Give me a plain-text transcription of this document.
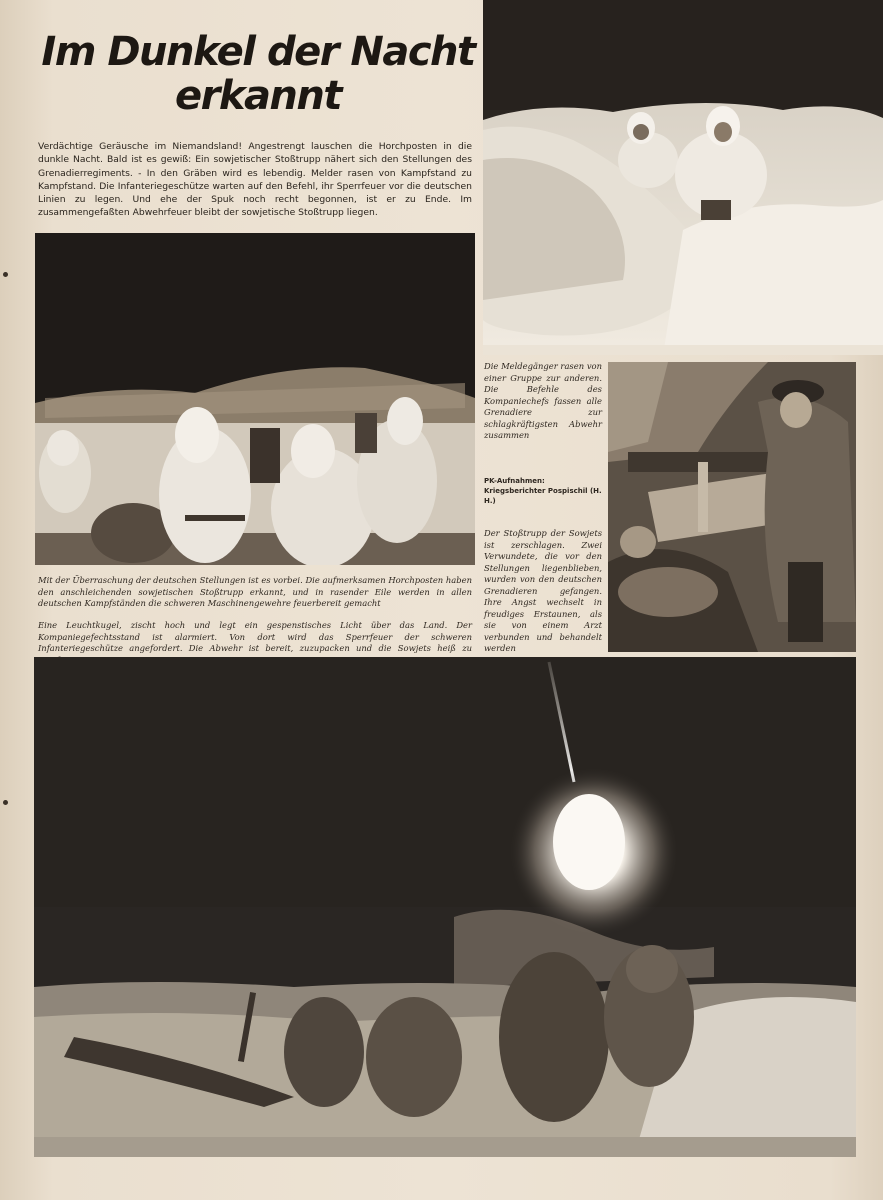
Im Dunkel der Nacht
erkannt
Verdächtige Geräusche im Niemandsland! Angestrengt lauschen die Horchposten in die dunkle Nacht. Bald ist es gewiß: Ein sowjetischer Stoßtrupp nähert sich den Stellungen des Grenadierregiments. - In den Gräben wird es lebendig. Melder rasen von Kampfstand zu Kampfstand. Die Infanteriegeschütze warten auf den Befehl, ihr Sperrfeuer vor die deutschen Linien zu legen. Und ehe der Spuk noch recht begonnen, ist er zu Ende. Im zusammengefaßten Abwehrfeuer bleibt der sowjetische Stoßtrupp liegen.
Mit der Überraschung der deutschen Stellungen ist es vorbei. Die aufmerksamen Horchposten haben den anschleichenden sowjetischen Stoßtrupp erkannt, und in rasender Eile werden in allen deutschen Kampfständen die schweren Maschinengewehre feuerbereit gemacht
Eine Leuchtkugel, zischt hoch und legt ein gespenstisches Licht über das Land. Der Kompaniegefechtsstand ist alarmiert. Von dort wird das Sperrfeuer der schweren Infanteriegeschütze angefordert. Die Abwehr ist bereit, zuzupacken und die Sowjets heiß zu
Die Meldegänger rasen von einer Gruppe zur anderen. Die Befehle des Kompaniechefs fassen alle Grenadiere zur schlagkräftigsten Abwehr zusammen
PK-Aufnahmen: Kriegsberichter Pospischil (H. H.)
Der Stoßtrupp der Sowjets ist zerschlagen. Zwei Verwundete, die vor den Stellungen liegenblieben, wurden von den deutschen Grenadieren gefangen. Ihre Angst wechselt in freudiges Erstaunen, als sie von einem Arzt verbunden und behandelt werden
